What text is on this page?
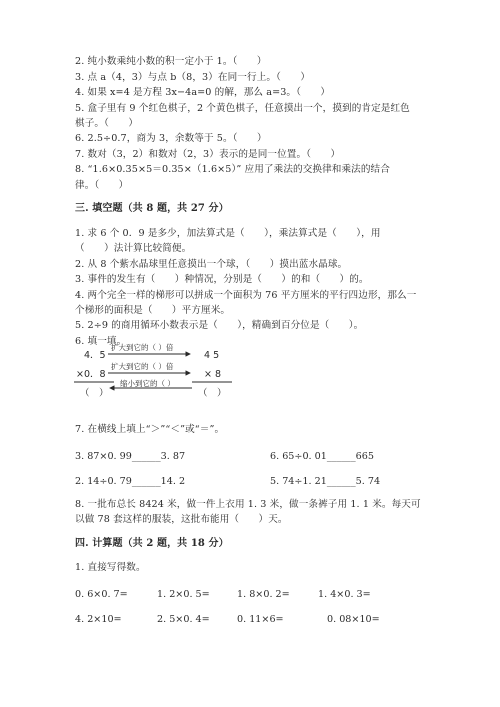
2. 纯小数乘纯小数的积一定小于 1。（　　）
3. 点 a（4，3）与点 b（8，3）在同一行上。（　　）
4. 如果 x=4 是方程 3x−4a=0 的解，那么 a=3。（　　）
5. 盒子里有 9 个红色棋子，2 个黄色棋子，任意摸出一个，摸到的肯定是红色
棋子。（　　）
6. 2.5÷0.7，商为 3，余数等于 5。（　　）
7. 数对（3，2）和数对（2，3）表示的是同一位置。（　　）
8. “1.6×0.35×5＝0.35×（1.6×5）” 应用了乘法的交换律和乘法的结合
律。（　　）
三. 填空题（共 8 题，共 27 分）
1. 求 6 个 0．9 是多少，加法算式是（　　），乘法算式是（　　），用
（　　）法计算比较简便。
2. 从 8 个紫水晶球里任意摸出一个球，（　　）摸出蓝水晶球。
3. 事件的发生有（　　）种情况，分别是（　　）的和（　　）的。
4. 两个完全一样的梯形可以拼成一个面积为 76 平方厘米的平行四边形，那么一
个梯形的面积是（　　）平方厘米。
5. 2÷9 的商用循环小数表示是（　　），精确到百分位是（　　）。
6. 填一填。
4．5
扩大到它的（ ）倍
4 5
×0．8
扩大到它的（ ）倍
× 8
缩小到它的（ ）
（　）	（　）
7. 在横线上填上“＞”“＜”或“＝”。
3. 87×0. 99______3. 87	6. 65÷0. 01______665
2. 14÷0. 79______14. 2	5. 74÷1. 21______5. 74
8. 一批布总长 8424 米，做一件上衣用 1. 3 米，做一条裤子用 1. 1 米。每天可
以做 78 套这样的服装，这批布能用（　　）天。
四. 计算题（共 2 题，共 18 分）
1. 直接写得数。
0. 6×0. 7=	1. 2×0. 5=	1. 8×0. 2=	1. 4×0. 3=
4. 2×10=	2. 5×0. 4=	0. 11×6=	0. 08×10=
